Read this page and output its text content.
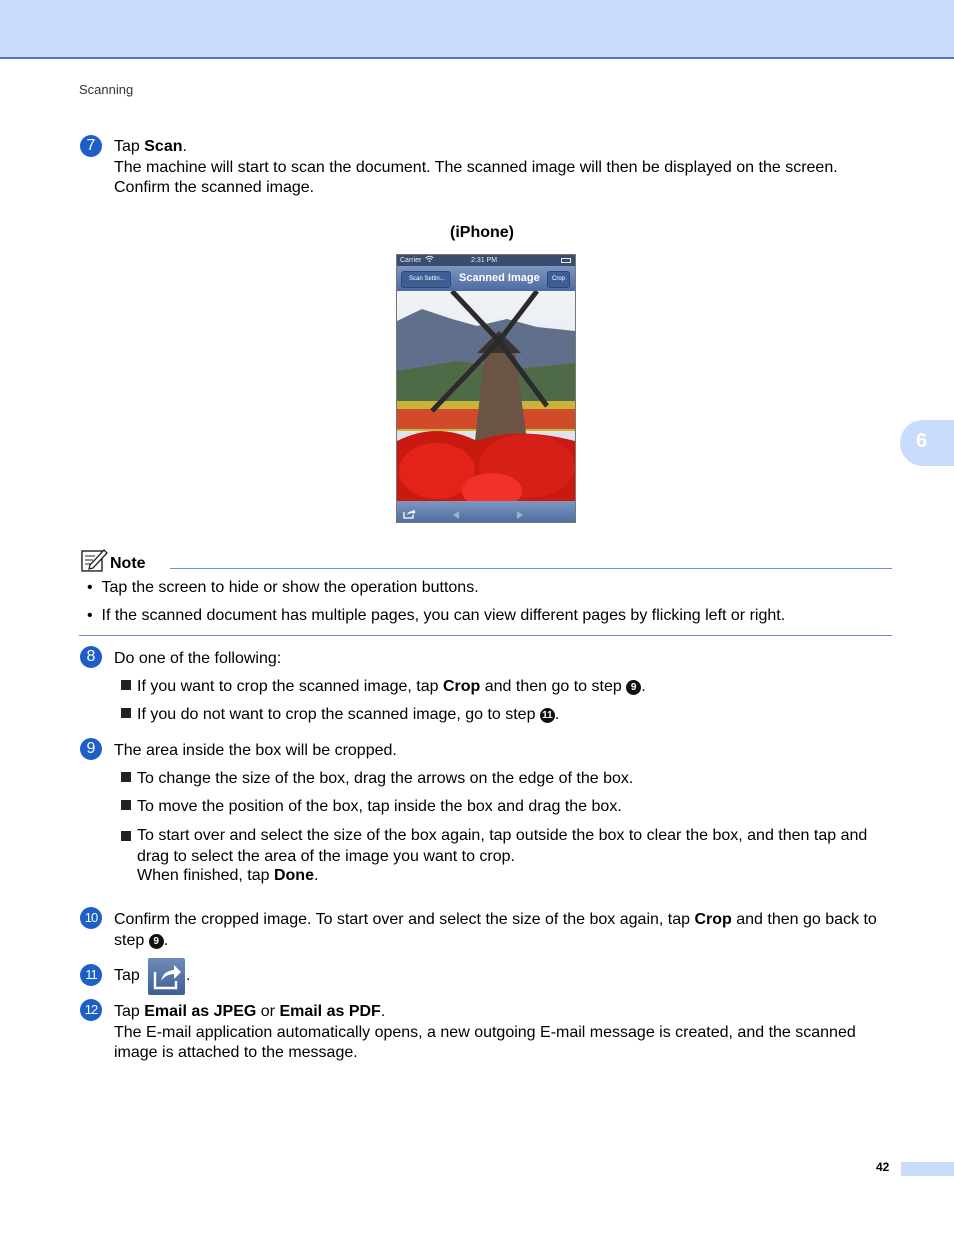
Scanning
6
7	Tap Scan.
The machine will start to scan the document. The scanned image will then be displayed on the screen. Confirm the scanned image.
(iPhone)
Carrier	2:31 PM
Scan Settin...	Scanned Image	Crop
Note
•  Tap the screen to hide or show the operation buttons.
•  If the scanned document has multiple pages, you can view different pages by flicking left or right.
8	Do one of the following:
If you want to crop the scanned image, tap Crop and then go to step 9 .
If you do not want to crop the scanned image, go to step 11 .
9	The area inside the box will be cropped.
To change the size of the box, drag the arrows on the edge of the box.
To move the position of the box, tap inside the box and drag the box.
To start over and select the size of the box again, tap outside the box to clear the box, and then tap and drag to select the area of the image you want to crop.
When finished, tap Done.
10 Confirm the cropped image. To start over and select the size of the box again, tap Crop and then go back to step 9 .
11	Tap	.
12 Tap Email as JPEG or Email as PDF.
The E-mail application automatically opens, a new outgoing E-mail message is created, and the scanned image is attached to the message.
42
